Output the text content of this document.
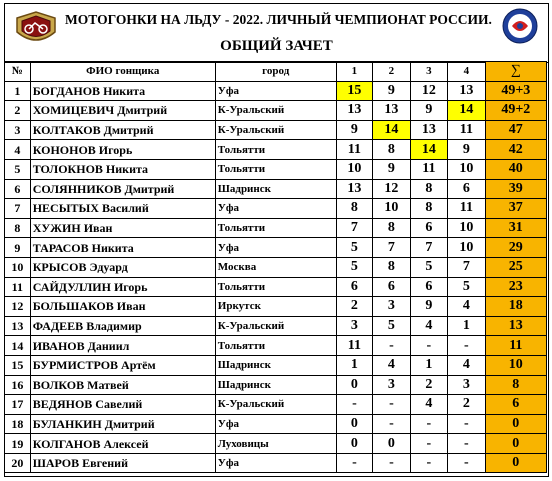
МОТОГОНКИ НА ЛЬДУ - 2022. ЛИЧНЫЙ ЧЕМПИОНАТ РОССИИ.
ОБЩИЙ ЗАЧЕТ
№	ФИО гонщика	город	1	2	3	4	∑
1	БОГДАНОВ Никита	Уфа	15	9	12	13	49+3
2	ХОМИЦЕВИЧ Дмитрий	К-Уральский	13	13	9	14	49+2
3	КОЛТАКОВ Дмитрий	К-Уральский	9	14	13	11	47
4	КОНОНОВ Игорь	Тольятти	11	8	14	9	42
5	ТОЛОКНОВ Никита	Тольятти	10	9	11	10	40
6	СОЛЯННИКОВ Дмитрий	Шадринск	13	12	8	6	39
7	НЕСЫТЫХ Василий	Уфа	8	10	8	11	37
8	ХУЖИН Иван	Тольятти	7	8	6	10	31
9	ТАРАСОВ Никита	Уфа	5	7	7	10	29
10	КРЫСОВ Эдуард	Москва	5	8	5	7	25
11	САЙДУЛЛИН Игорь	Тольятти	6	6	6	5	23
12	БОЛЬШАКОВ Иван	Иркутск	2	3	9	4	18
13	ФАДЕЕВ Владимир	К-Уральский	3	5	4	1	13
14	ИВАНОВ Даниил	Тольятти	11	-	-	-	11
15	БУРМИСТРОВ Артём	Шадринск	1	4	1	4	10
16	ВОЛКОВ Матвей	Шадринск	0	3	2	3	8
17	ВЕДЯНОВ Савелий	К-Уральский	-	-	4	2	6
18	БУЛАНКИН Дмитрий	Уфа	0	-	-	-	0
19	КОЛГАНОВ Алексей	Луховицы	0	0	-	-	0
20	ШАРОВ Евгений	Уфа	-	-	-	-	0
